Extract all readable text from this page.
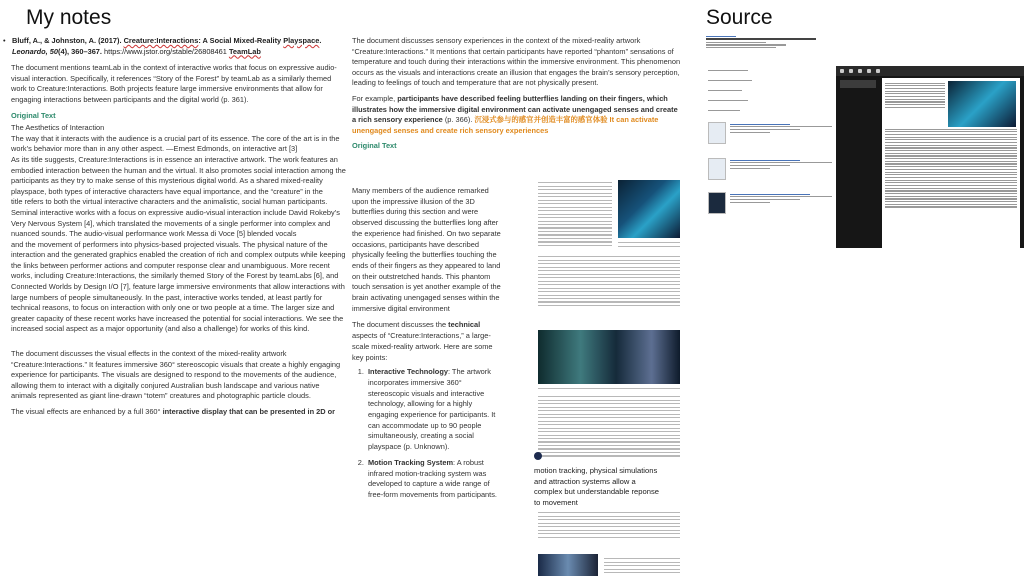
My notes	Source
• Bluff, A., & Johnston, A. (2017). Creature:Interactions: A Social Mixed-Reality Playspace. Leonardo, 50(4), 360–367. https://www.jstor.org/stable/26808461 TeamLab
The document mentions teamLab in the context of interactive works that focus on expressive audio-visual interaction. Specifically, it references “Story of the Forest” by teamLab as a similarly themed work to Creature:Interactions. Both projects feature large immersive environments that allow for engaging interactions between participants and the digital world (p. 361).
Original Text
The Aesthetics of Interaction
The way that it interacts with the audience is a crucial part of its essence. The core of the art is in the
work’s behavior more than in any other aspect. —Ernest Edmonds, on interactive art [3]
As its title suggests, Creature:Interactions is in essence an interactive artwork. The work features an embodied interaction between the human and the virtual. It also promotes social interaction among the participants as they try to make sense of this mysterious digital world. As a shared mixed-reality playspace, both types of interactive characters have equal importance, and the “creature” in the
title refers to both the virtual interactive characters and the animalistic, social human participants.
Seminal interactive works with a focus on expressive audio-visual interaction include David Rokeby’s Very Nervous System [4], which translated the movements of a single performer into complex and nuanced sounds. The audio-visual performance work Messa di Voce [5] blended vocals
and the movement of performers into physics-based projected visuals. The physical nature of the
interaction and the generated graphics enabled the creation of rich and complex outputs while keeping the links between performer actions and computer response clear and unambiguous. More recent works, including Creature:Interactions, the similarly themed Story of the Forest by teamLabs [6], and Connected Worlds by Design I/O [7], feature large immersive environments that allow interactions with large numbers of people simultaneously. In the past, interactive works tended, at least partly for technical reasons, to focus on interaction with only one or two people at a time. The larger size and greater capacity of these recent works have increased the potential for social interactions. We see the increased social aspect as a major opportunity (and also a challenge) for works of this kind.
The document discusses the visual effects in the context of the mixed-reality artwork “Creature:Interactions.” It features immersive 360° stereoscopic visuals that create a highly engaging experience for participants. The visuals are designed to respond to the movements of the audience, allowing them to interact with a digitally conjured Australian bush landscape and various native animals represented as giant line-drawn “totem” creatures and photographic particle clouds.
The visual effects are enhanced by a full 360° interactive display that can be presented in 2D or
The document discusses sensory experiences in the context of the mixed-reality artwork “Creature:Interactions.” It mentions that certain participants have reported “phantom” sensations of temperature and touch during their interactions within the immersive environment. This phenomenon occurs as the visuals and interactions create an illusion that engages the brain’s sensory perception, leading to feelings of touch and temperature that are not physically present.
For example, participants have described feeling butterflies landing on their fingers, which illustrates how the immersive digital environment can activate unengaged senses and create a rich sensory experience (p. 366). 沉浸式参与的感官并创造丰富的感官体验 It can activate unengaged senses and create rich sensory experiences
Original Text
Many members of the audience remarked upon the impressive illusion of the 3D butterflies during this section and were observed discussing the butterflies long after the experience had finished. On two separate occasions, participants have described physically feeling the butterflies touching the ends of their fingers as they appeared to land on their outstretched hands. This phantom touch sensation is yet another example of the brain activating unengaged senses within the immersive digital environment
The document discusses the technical aspects of “Creature:Interactions,” a large-scale mixed-reality artwork. Here are some key points:
1. Interactive Technology: The artwork incorporates immersive 360° stereoscopic visuals and interactive technology, allowing for a highly engaging experience for participants. It can accommodate up to 90 people simultaneously, creating a social playspace (p. Unknown).
2. Motion Tracking System: A robust infrared motion-tracking system was developed to capture a wide range of free-form movements from participants.
motion tracking, physical simulations and attraction systems allow a complex but understandable reponse to movement
